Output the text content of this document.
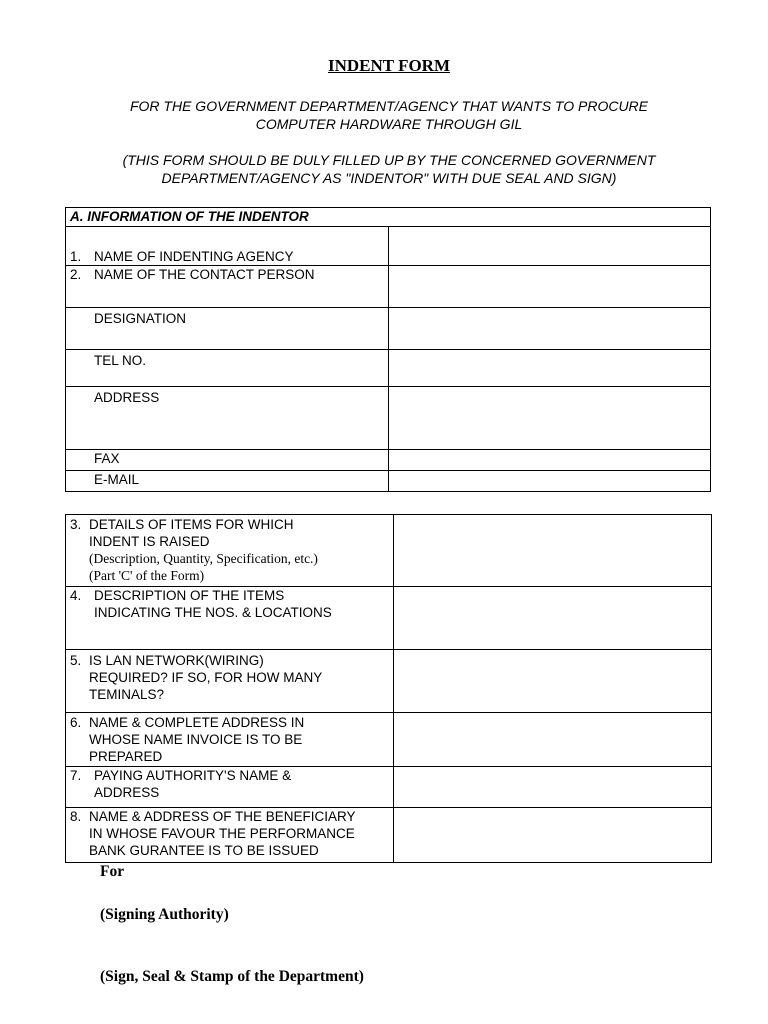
INDENT FORM
FOR THE GOVERNMENT DEPARTMENT/AGENCY THAT WANTS TO PROCURE
COMPUTER HARDWARE THROUGH GIL
(THIS FORM SHOULD BE DULY FILLED UP BY THE CONCERNED GOVERNMENT
DEPARTMENT/AGENCY AS "INDENTOR" WITH DUE SEAL AND SIGN)
A. INFORMATION OF THE INDENTOR	
1. NAME OF INDENTING AGENCY	
2. NAME OF THE CONTACT PERSON	
DESIGNATION	
TEL NO.	
ADDRESS	
FAX	
E-MAIL	
3. DETAILS OF ITEMS FOR WHICH
INDENT IS RAISED
(Description, Quantity, Specification, etc.)
(Part 'C' of the Form)	

4. DESCRIPTION OF THE ITEMS
INDICATING THE NOS. & LOCATIONS	

5. IS LAN NETWORK(WIRING)
REQUIRED? IF SO, FOR HOW MANY
TEMINALS?	

6. NAME & COMPLETE ADDRESS IN
WHOSE NAME INVOICE IS TO BE
PREPARED	

7. PAYING AUTHORITY'S NAME &
ADDRESS	

8. NAME & ADDRESS OF THE BENEFICIARY
IN WHOSE FAVOUR THE PERFORMANCE
BANK GURANTEE IS TO BE ISSUED	

For
(Signing Authority)
(Sign, Seal & Stamp of the Department)
